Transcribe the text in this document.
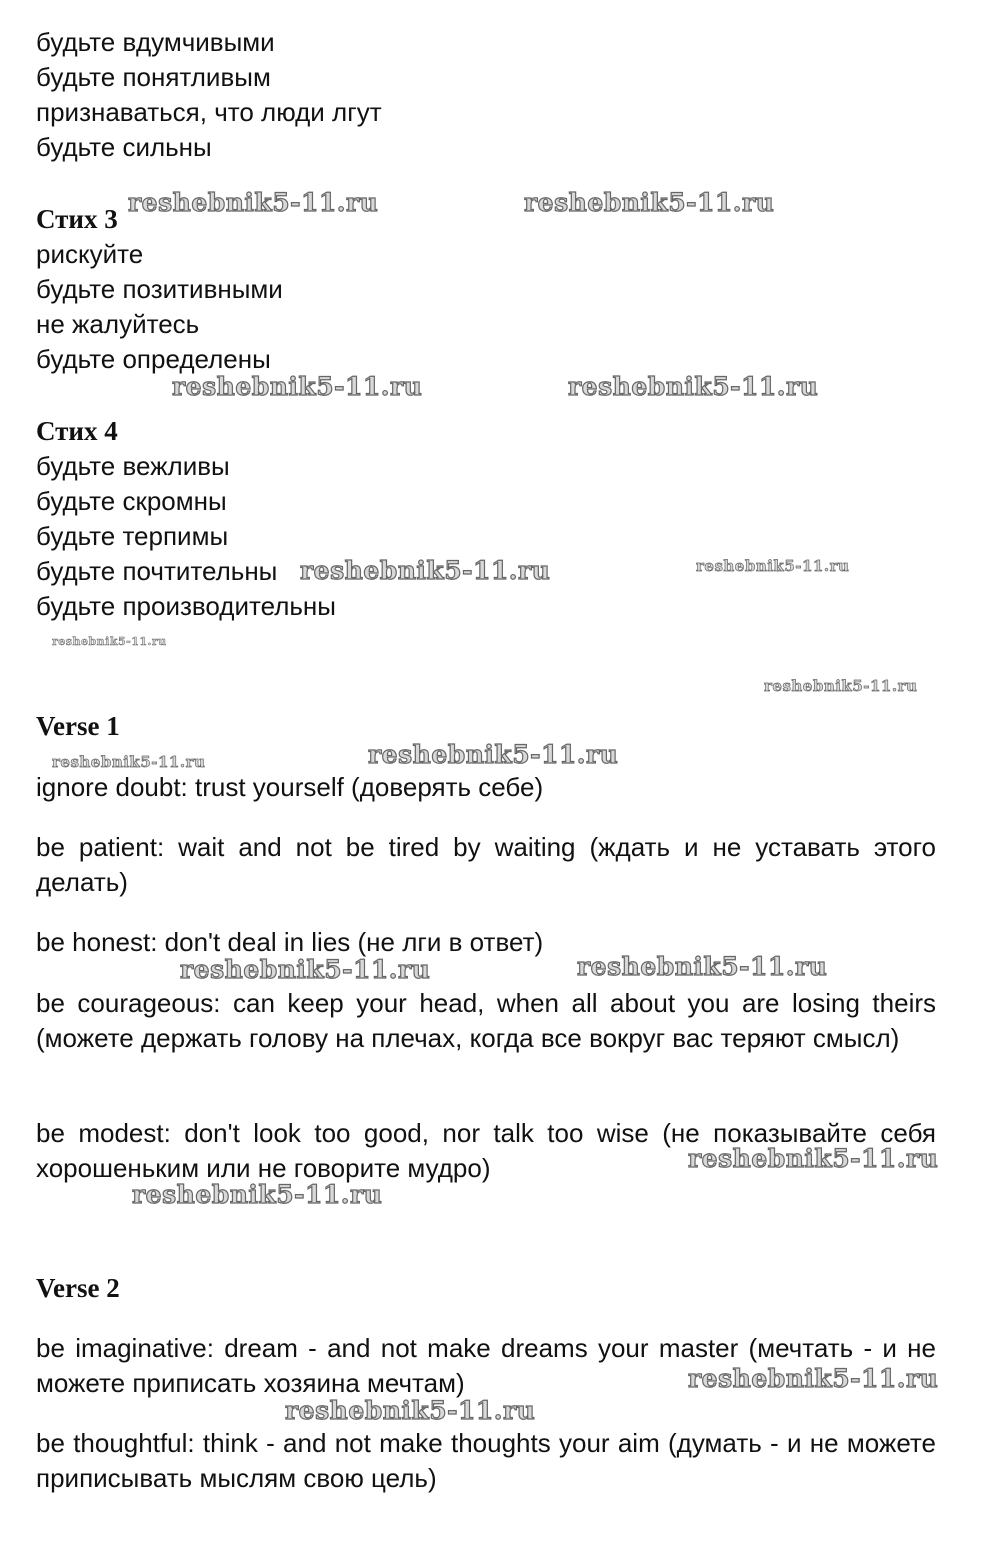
будьте вдумчивыми
будьте понятливым
признаваться, что люди лгут
будьте сильны
Стих 3
рискуйте
будьте позитивными
не жалуйтесь
будьте определены
Стих 4
будьте вежливы
будьте скромны
будьте терпимы
будьте почтительны
будьте производительны
Verse 1
ignore doubt: trust yourself (доверять себе)
be patient: wait and not be tired by waiting (ждать и не уставать этого делать)
be honest: don't deal in lies (не лги в ответ)
be courageous: can keep your head, when all about you are losing theirs (можете держать голову на плечах, когда все вокруг вас теряют смысл)
be modest: don't look too good, nor talk too wise (не показывайте себя хорошеньким или не говорите мудро)
Verse 2
be imaginative: dream - and not make dreams your master (мечтать - и не можете приписать хозяина мечтам)
be thoughtful: think - and not make thoughts your aim (думать - и не можете приписывать мыслям свою цель)
reshebnik5-11.ru	reshebnik5-11.ru
reshebnik5-11.ru	reshebnik5-11.ru
reshebnik5-11.ru	reshebnik5-11.ru
reshebnik5-11.ru
reshebnik5-11.ru
reshebnik5-11.ru	reshebnik5-11.ru
reshebnik5-11.ru	reshebnik5-11.ru
reshebnik5-11.ru
reshebnik5-11.ru
reshebnik5-11.ru
reshebnik5-11.ru
